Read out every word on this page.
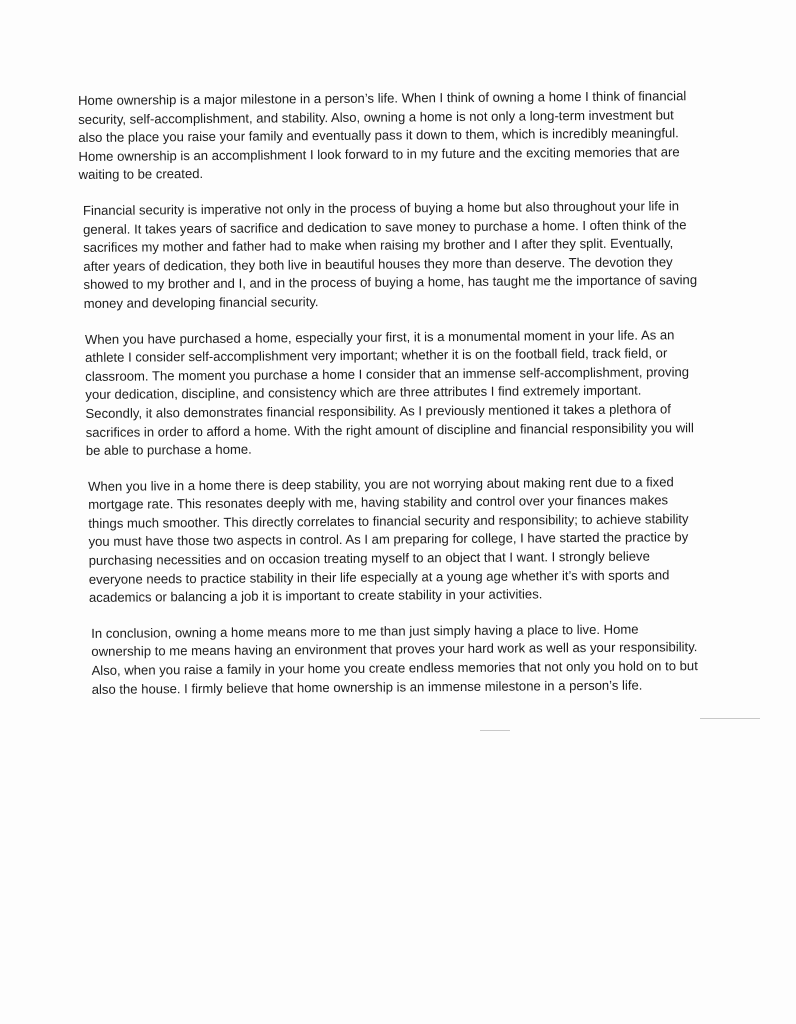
Home ownership is a major milestone in a person’s life. When I think of owning a home I think of financial security, self-accomplishment, and stability. Also, owning a home is not only a long-term investment but also the place you raise your family and eventually pass it down to them, which is incredibly meaningful. Home ownership is an accomplishment I look forward to in my future and the exciting memories that are waiting to be created.

Financial security is imperative not only in the process of buying a home but also throughout your life in general. It takes years of sacrifice and dedication to save money to purchase a home. I often think of the sacrifices my mother and father had to make when raising my brother and I after they split. Eventually, after years of dedication, they both live in beautiful houses they more than deserve. The devotion they showed to my brother and I, and in the process of buying a home, has taught me the importance of saving money and developing financial security.

When you have purchased a home, especially your first, it is a monumental moment in your life. As an athlete I consider self-accomplishment very important; whether it is on the football field, track field, or classroom. The moment you purchase a home I consider that an immense self-accomplishment, proving your dedication, discipline, and consistency which are three attributes I find extremely important. Secondly, it also demonstrates financial responsibility. As I previously mentioned it takes a plethora of sacrifices in order to afford a home. With the right amount of discipline and financial responsibility you will be able to purchase a home.

When you live in a home there is deep stability, you are not worrying about making rent due to a fixed mortgage rate. This resonates deeply with me, having stability and control over your finances makes things much smoother. This directly correlates to financial security and responsibility; to achieve stability you must have those two aspects in control. As I am preparing for college, I have started the practice by purchasing necessities and on occasion treating myself to an object that I want. I strongly believe everyone needs to practice stability in their life especially at a young age whether it’s with sports and academics or balancing a job it is important to create stability in your activities.

In conclusion, owning a home means more to me than just simply having a place to live. Home ownership to me means having an environment that proves your hard work as well as your responsibility. Also, when you raise a family in your home you create endless memories that not only you hold on to but also the house. I firmly believe that home ownership is an immense milestone in a person’s life.
